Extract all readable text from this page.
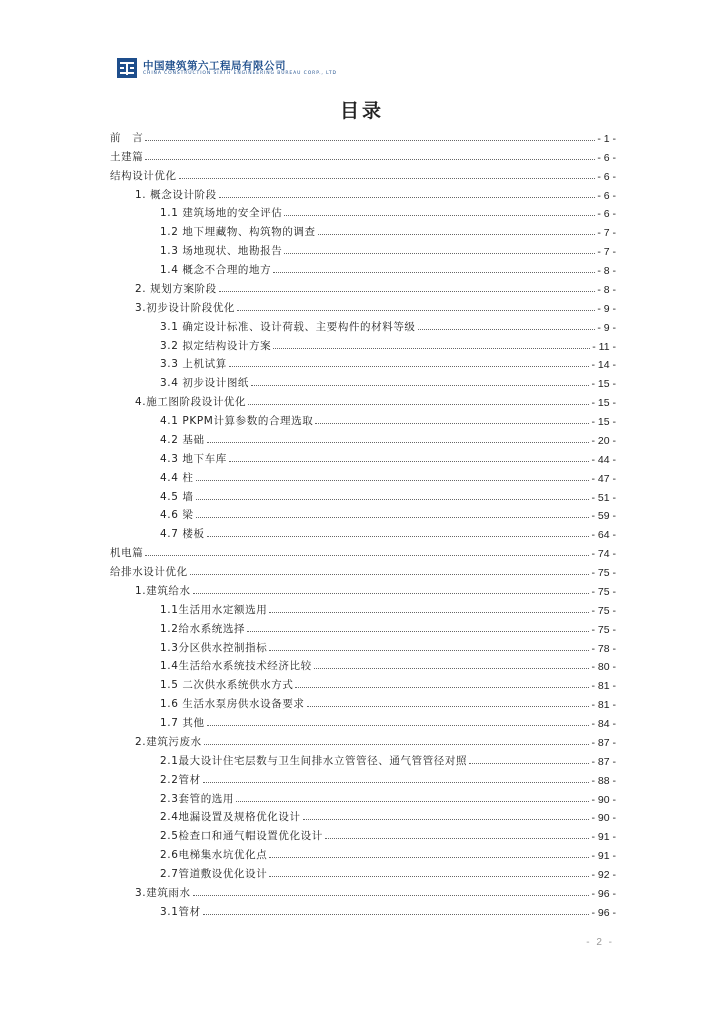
中国建筑第六工程局有限公司
CHINA CONSTRUCTION SIXTH ENGINEERING BUREAU CORP., LTD
目录
前　言	- 1 -
土建篇	- 6 -
结构设计优化	- 6 -
1. 概念设计阶段	- 6 -
1.1 建筑场地的安全评估	- 6 -
1.2 地下埋藏物、构筑物的调查	- 7 -
1.3 场地现状、地勘报告	- 7 -
1.4 概念不合理的地方	- 8 -
2. 规划方案阶段	- 8 -
3.初步设计阶段优化	- 9 -
3.1 确定设计标准、设计荷载、主要构件的材料等级	- 9 -
3.2 拟定结构设计方案	- 11 -
3.3 上机试算	- 14 -
3.4 初步设计图纸	- 15 -
4.施工图阶段设计优化	- 15 -
4.1 PKPM计算参数的合理选取	- 15 -
4.2 基础	- 20 -
4.3 地下车库	- 44 -
4.4 柱	- 47 -
4.5 墙	- 51 -
4.6 梁	- 59 -
4.7 楼板	- 64 -
机电篇	- 74 -
给排水设计优化	- 75 -
1.建筑给水	- 75 -
1.1生活用水定额选用	- 75 -
1.2给水系统选择	- 75 -
1.3分区供水控制指标	- 78 -
1.4生活给水系统技术经济比较	- 80 -
1.5 二次供水系统供水方式	- 81 -
1.6 生活水泵房供水设备要求	- 81 -
1.7 其他	- 84 -
2.建筑污废水	- 87 -
2.1最大设计住宅层数与卫生间排水立管管径、通气管管径对照	- 87 -
2.2管材	- 88 -
2.3套管的选用	- 90 -
2.4地漏设置及规格优化设计	- 90 -
2.5检查口和通气帽设置优化设计	- 91 -
2.6电梯集水坑优化点	- 91 -
2.7管道敷设优化设计	- 92 -
3.建筑雨水	- 96 -
3.1管材	- 96 -
- 2 -
